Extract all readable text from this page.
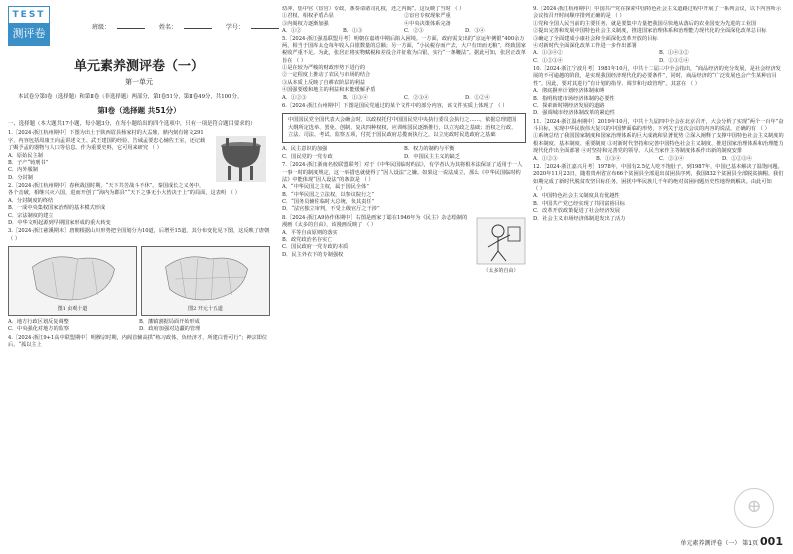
TEST
测评卷	班级：	姓名：	学号：
单元素养测评卷（一）
第一单元
本试卷分第Ⅰ卷（选择题）和第Ⅱ卷（非选择题）两部分，第Ⅰ卷51分，第Ⅱ卷49分，共100分。
第Ⅰ卷（选择题 共51分）
一、选择题（本大题共17小题，每小题3分，在每小题给出的四个选项中，只有一项是符合题目要求的）

1.［2024·浙江杭州期中］下图为出土于陕西眉县杨家村的大盂鼎，鼎内刻有铭文291字，内容包括周康王向孟讲述文王、武王建国的经验，告诫孟要忠心辅佐王室，还记载了赐予孟的器物与人口等信息。作为重要史料，它可用来研究 （ ）

A．原始民主制
B．子产“铸刑书”
C．内外服制
D．分封制

2.［2024·浙江杭州期中］春秋战国时期，“天下共苦战斗不休”。秦国成长之义务中，各个击破，相继兴灭六国，进而开创了“海内为郡县”“天下之事无小大皆决于上”的局面，这表明 （ ）

A．分封制度的终结
B．一成中央集权国家治理的基本模式形成
C．宗法制度的建立
D．中华文明起源到早期国家形成的重大转变

3.［2024·浙江慈溪期末］唐朝根据山川形势把全国划分为10道，后增至15道，其分布变化见下图，这反映了唐朝 （ ）

图1 贞观十道	图2 开元十五道
A．地方行政区划反复调整	B．藩镇割据局面开始形成
C．中央强化对地方的监察	D．政府加强对边疆的管理

4.［2024·浙江9+1高中联盟期中］明穆宗时期，内阁首辅高拱“练习政体，负经济才，所建白皆可行”；神宗即位后，“孤以主上

幼冲，惩中官（宦官）专政，条奏请诸司礼权，还之内阁”。这反映了当时 （ ）

①君权、相权矛盾凸显	②宦官专权现象严重
③内阁权力逐渐加强	④中央决策体系完备
A．①②	B．①③	C．②③	D．③④

5.［2024·浙江强基联盟月考］明朝在嘉靖中期后陷入困境。一方面，政府需支出的“京运年例银”400余万两，相当于国库太仓每年收入白银数量的总额；另一方面，“小民税存而产去，大户有田而无粮”，终致国家税收严重不足。为此，张居正将实物赋税和差役合并征收为白银，实行“一条鞭法”。据此可知，张居正改革旨在 （ ）

①是在较为严峻的财政形势下进行的
②一定程度上推动了农民与市场的结合
③从本质上反映了自耕农阶层的利益
④国强要缓和地主的利益和未能缓解矛盾
A．①②③	B．①③④	C．②③④	D．①②④

6.［2024·浙江台州期中］下图是国民党通过的某个文件中的部分内容，该文件实质上体现了 （ ）

中国国民党全国代表大会确会时，以政权托付中国国民党中央执行委员会执行之……，依据总理建国大纲所定选举、罢免、创制、复决四种权权，应训练国民逐渐推行，以立宪政之基础；治权之行政、立法、司法、考试、监察五项，付托于国民政府总揽而执行之，以立宪政时民选政府之基础
A．民主意识的加强	B．权力的制约与平衡
C．国民党的一党专政	D．中国民主主义的缺乏

7.［2024·浙江浙南名校联盟联考］对于《中华民国临时约法》，有学者认为其将根本法保证了适用于一人一事一时的制度规定，这一举措也就使得了“因人设法”之嫌。如果这一说法成立，那么《中华民国临时约法》中能体现“因人设法”的条款是 （ ）

A．“中华民国之主权，属于国民全体”
B．“中华民国之立法权，以参议院行之”
C．“国务员辅佐临时大总统，负其责任”
D．“法官独立审判，不受上级官厅之干涉”
（太多的自由）

8.［2024·浙江A9协作体期中］右图是画家丁聪在1946年为《民主》杂志绘制的漫画《太多的自由》，该漫画反映了 （ ）

A．平等自由原则的落实
B．政党政治名存实亡
C．国民政府一党专政的本质
D．民主外衣下的专制强权

9.［2024·浙江杭州期中］中国共产党在探索中国特色社会主义道路过程中开展了一系列会议，以下内容所示会议按召开时间顺序排列正确的是 （ ）

①党和全国人民当前的主要任务，就是要集中力量把我国尽快地从落后的农业国变为先进的工业国
②提出完善和发展中国特色社会主义制度，推进国家治理体系和治理能力现代化的全面深化改革总目标
③确定了全面建成小康社会和全面深化改革开放的目标
④对新时代全面深化改革工作进一步作出部署
A．①③④②	B．①④③②
C．①②③④	D．①③②④

10.［2024·浙江宁波月考］1981年10月，中共十二届三中全会指出，“商品经济的充分发展，是社会经济发展的不可逾越的阶段，是实现我国经济现代化的必要条件”，同时，商品经济的“广泛发展也会产生某种盲目性”。因此，要对其进行“有计划的指导、调节和行政管理”。其意在 （ ）

A．彻底摒弃计划经济体制束缚
B．指明构建市场经济体制的必要性
C．探索新时期经济发展的道路
D．强调城市经济体制改革的紧迫性

11.［2024·浙江温州期中］2019年10月，中共十九届四中全会在北京召开，大会分析了实现“两个一百年”奋斗目标，实现中华民族伟大复兴的中国梦面临的形势，下列关于这次会议的内容的说法，正确的有 （ ）

①系统总结了我国国家制度和国家治理体系的巨大成就和显著优势 ②深入阐释了支撑中国特色社会主义制度的根本制度、基本制度、重要制度 ③对新时代坚持和完善中国特色社会主义制度、推进国家治理体系和治理能力现代化作出全面部署 ④对坚持和完善党的领导、人民当家作主等制度体系作出新的制度安排

A．①②③	B．①③④	C．②③④	D．①②③④

12.［2024·浙江嘉兴月考］1978年，中国有2.5亿人吃不饱肚子。到1987年，中国已基本解决了温饱问题。2020年11月23日，随着贵州省宣布66个贫困县全部退出贫困县序列，我国832个贫困县全部脱贫摘帽。我们如期完成了新时代脱贫攻坚目标任务，困扰中华民族几千年的绝对贫困问题历史性地得到解决。由此可知 （ ）

A．中国特色社会主义制度具有优越性
B．中国共产党已经实现了共同富裕目标
C．改革开放政策促进了社会经济发展
D．社会主义市场经济体制进发出了活力
⊕
单元素养测评卷（一） 第1页 001
